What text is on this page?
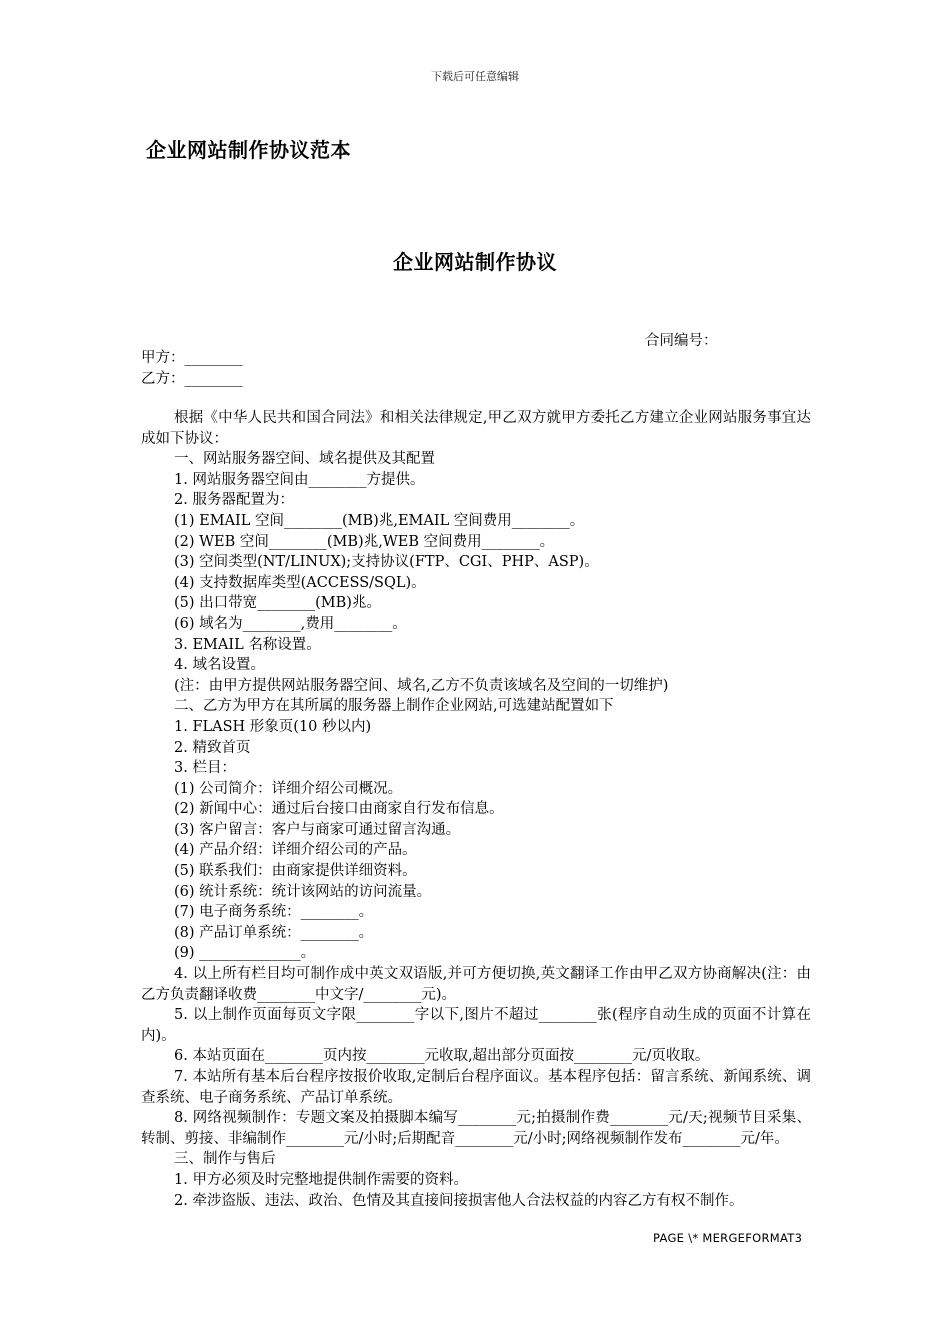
下载后可任意编辑
企业网站制作协议范本
企业网站制作协议
合同编号：
甲方：________
乙方：________

根据《中华人民共和国合同法》和相关法律规定,甲乙双方就甲方委托乙方建立企业网站服务事宜达成如下协议：

一、网站服务器空间、域名提供及其配置

1. 网站服务器空间由________方提供。

2. 服务器配置为：

(1) EMAIL 空间________(MB)兆,EMAIL 空间费用________。

(2) WEB 空间________(MB)兆,WEB 空间费用________。

(3) 空间类型(NT/LINUX);支持协议(FTP、CGI、PHP、ASP)。

(4) 支持数据库类型(ACCESS/SQL)。

(5) 出口带宽________(MB)兆。

(6) 域名为________,费用________。

3. EMAIL 名称设置。

4. 域名设置。

(注：由甲方提供网站服务器空间、域名,乙方不负责该域名及空间的一切维护)

二、乙方为甲方在其所属的服务器上制作企业网站,可选建站配置如下

1. FLASH 形象页(10 秒以内)

2. 精致首页

3. 栏目：

(1) 公司简介：详细介绍公司概况。

(2) 新闻中心：通过后台接口由商家自行发布信息。

(3) 客户留言：客户与商家可通过留言沟通。

(4) 产品介绍：详细介绍公司的产品。

(5) 联系我们：由商家提供详细资料。

(6) 统计系统：统计该网站的访问流量。

(7) 电子商务系统：________。

(8) 产品订单系统：________。

(9) ______________。

4. 以上所有栏目均可制作成中英文双语版,并可方便切换,英文翻译工作由甲乙双方协商解决(注：由乙方负责翻译收费________中文字/________元)。

5. 以上制作页面每页文字限________字以下,图片不超过________张(程序自动生成的页面不计算在内)。

6. 本站页面在________页内按________元收取,超出部分页面按________元/页收取。

7. 本站所有基本后台程序按报价收取,定制后台程序面议。基本程序包括：留言系统、新闻系统、调查系统、电子商务系统、产品订单系统。

8. 网络视频制作：专题文案及拍摄脚本编写________元;拍摄制作费________元/天;视频节目采集、转制、剪接、非编制作________元/小时;后期配音________元/小时;网络视频制作发布________元/年。

三、制作与售后

1. 甲方必须及时完整地提供制作需要的资料。

2. 牵涉盗版、违法、政治、色情及其直接间接损害他人合法权益的内容乙方有权不制作。

PAGE \* MERGEFORMAT3
